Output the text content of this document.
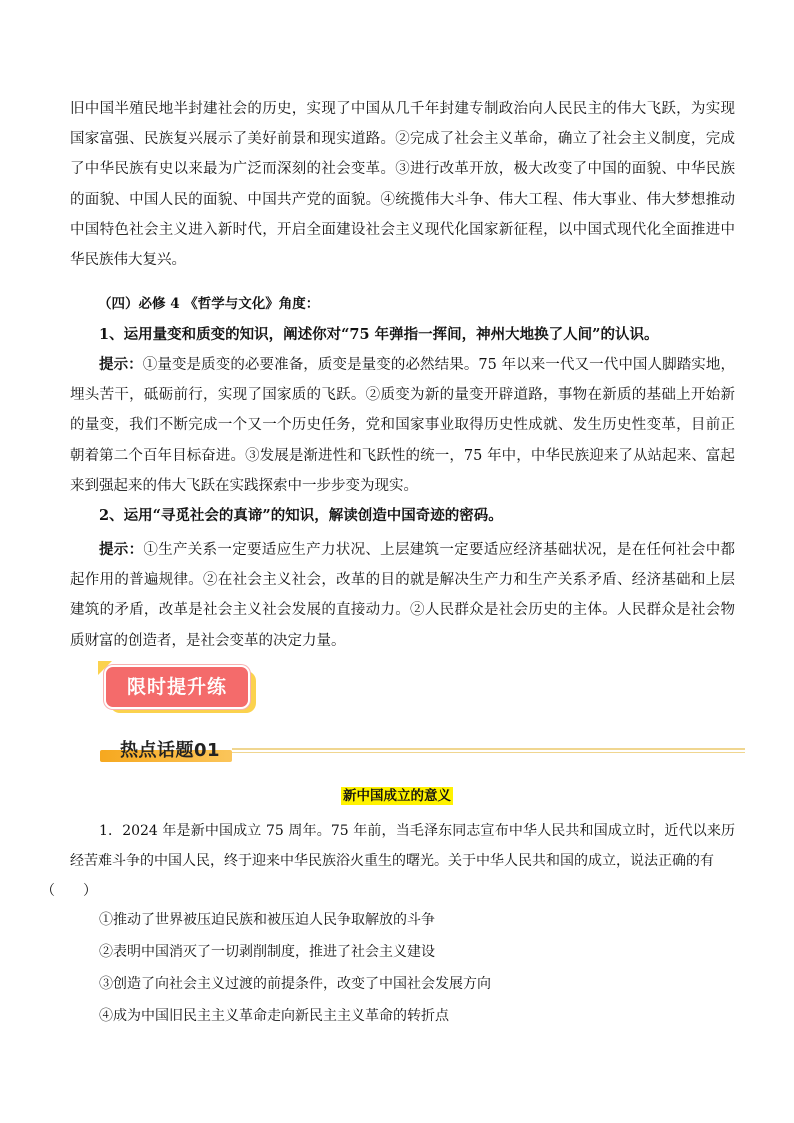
旧中国半殖民地半封建社会的历史，实现了中国从几千年封建专制政治向人民民主的伟大飞跃，为实现国家富强、民族复兴展示了美好前景和现实道路。②完成了社会主义革命，确立了社会主义制度，完成了中华民族有史以来最为广泛而深刻的社会变革。③进行改革开放，极大改变了中国的面貌、中华民族的面貌、中国人民的面貌、中国共产党的面貌。④统揽伟大斗争、伟大工程、伟大事业、伟大梦想推动中国特色社会主义进入新时代，开启全面建设社会主义现代化国家新征程，以中国式现代化全面推进中华民族伟大复兴。

（四）必修 4 《哲学与文化》角度：

1、运用量变和质变的知识，阐述你对“75 年弹指一挥间，神州大地换了人间”的认识。

提示：①量变是质变的必要准备，质变是量变的必然结果。75 年以来一代又一代中国人脚踏实地，埋头苦干，砥砺前行，实现了国家质的飞跃。②质变为新的量变开辟道路，事物在新质的基础上开始新的量变，我们不断完成一个又一个历史任务，党和国家事业取得历史性成就、发生历史性变革，目前正朝着第二个百年目标奋进。③发展是渐进性和飞跃性的统一，75 年中，中华民族迎来了从站起来、富起来到强起来的伟大飞跃在实践探索中一步步变为现实。

2、运用“寻觅社会的真谛”的知识，解读创造中国奇迹的密码。

提示：①生产关系一定要适应生产力状况、上层建筑一定要适应经济基础状况，是在任何社会中都起作用的普遍规律。②在社会主义社会，改革的目的就是解决生产力和生产关系矛盾、经济基础和上层建筑的矛盾，改革是社会主义社会发展的直接动力。②人民群众是社会历史的主体。人民群众是社会物质财富的创造者，是社会变革的决定力量。

限时提升练
热点话题01
新中国成立的意义

1．2024 年是新中国成立 75 周年。75 年前，当毛泽东同志宣布中华人民共和国成立时，近代以来历经苦难斗争的中国人民，终于迎来中华民族浴火重生的曙光。关于中华人民共和国的成立，说法正确的有
（　　）

①推动了世界被压迫民族和被压迫人民争取解放的斗争

②表明中国消灭了一切剥削制度，推进了社会主义建设

③创造了向社会主义过渡的前提条件，改变了中国社会发展方向

④成为中国旧民主主义革命走向新民主主义革命的转折点
